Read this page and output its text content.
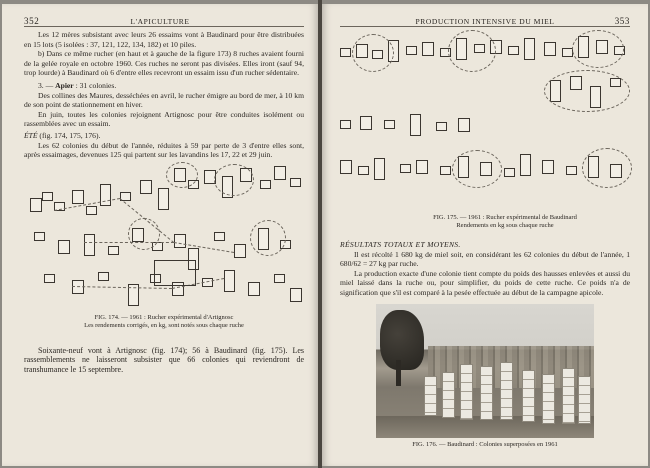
352	L'APICULTURE

Les 12 mères subsistant avec leurs 26 essaims vont à Baudinard pour être distribuées en 15 lots (5 isolées : 37, 121, 122, 134, 182) et 10 piles.

b) Dans ce même rucher (en haut et à gauche de la figure 173) 8 ruches avaient fourni de la gelée royale en octobre 1960. Ces ruches ne seront pas divisées. Elles iront (sauf 94, trop lourde) à Baudinard où 6 d'entre elles recevront un essaim issu d'un rucher sédentaire.

3. — Apier : 31 colonies.

Des collines des Maures, desséchées en avril, le rucher émigre au bord de mer, à 10 km de son point de stationnement en hiver.

En juin, toutes les colonies rejoignent Artignosc pour être conduites isolément ou rassemblées avec un essaim.

ÉTÉ (fig. 174, 175, 176).

Les 62 colonies du début de l'année, réduites à 59 par perte de 3 d'entre elles sont, après essaimages, devenues 125 qui partent sur les lavandins les 17, 22 et 29 juin.

FIG. 174. — 1961 : Rucher expérimental d'Artignosc

Les rendements corrigés, en kg, sont notés sous chaque ruche

Soixante-neuf vont à Artignosc (fig. 174); 56 à Baudinard (fig. 175). Les rassemblements ne laisseront subsister que 66 colonies qui reviendront de transhumance le 15 septembre.

PRODUCTION INTENSIVE DU MIEL	353

FIG. 175. — 1961 : Rucher expérimental de Baudinard

Rendements en kg sous chaque ruche

RÉSULTATS TOTAUX ET MOYENS.

Il est récolté 1 680 kg de miel soit, en considérant les 62 colonies du début de l'année, 1 680/62 = 27 kg par ruche.

La production exacte d'une colonie tient compte du poids des hausses enlevées et aussi du miel laissé dans la ruche ou, pour simplifier, du poids de cette ruche. Ce poids n'a de signification que s'il est comparé à la pesée effectuée au début de la campagne apicole.

FIG. 176. — Baudinard : Colonies superposées en 1961
